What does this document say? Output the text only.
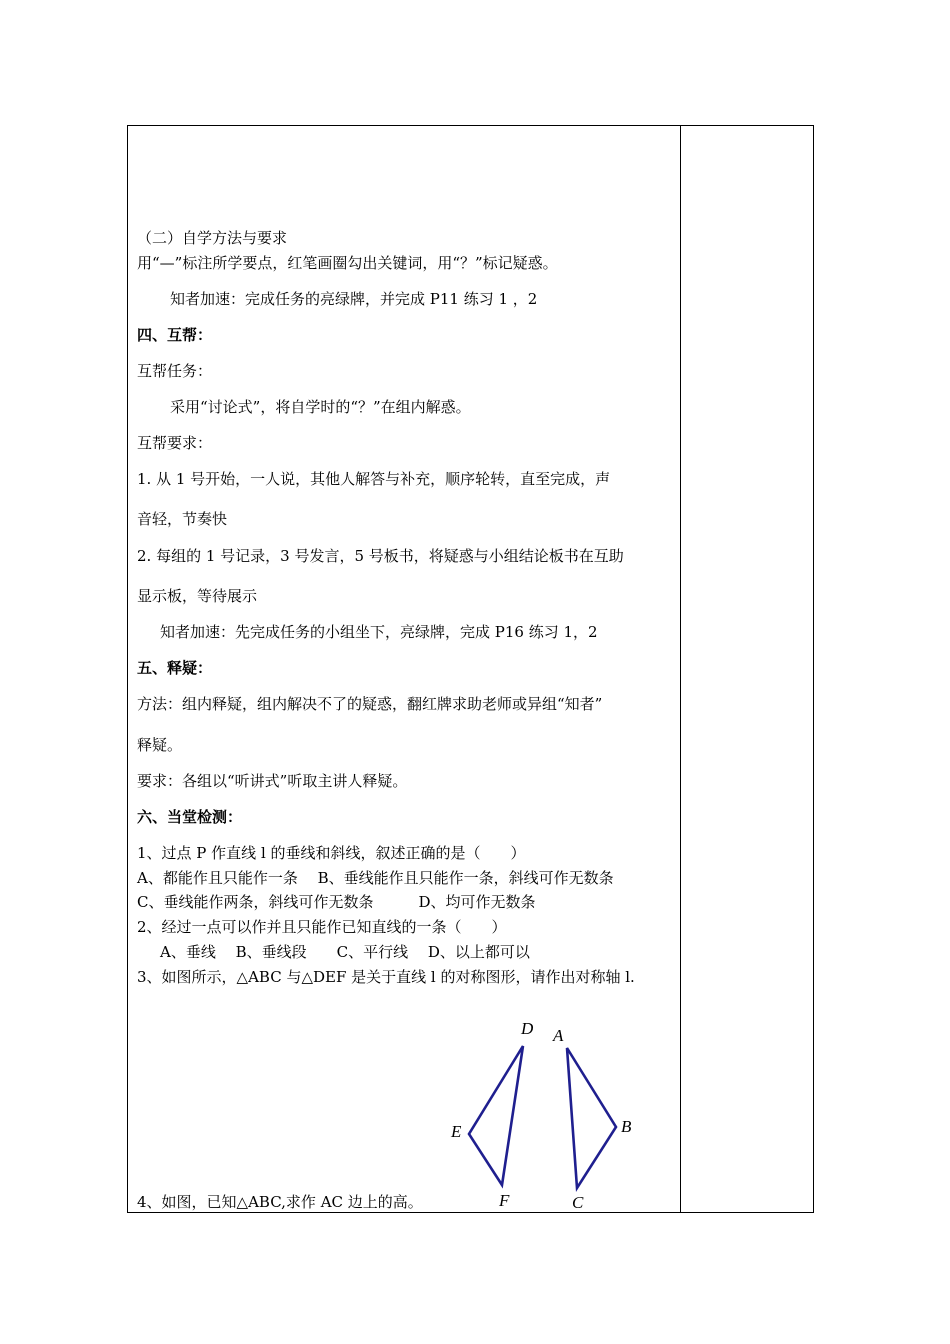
（二）自学方法与要求
用“—”标注所学要点，红笔画圈勾出关键词，用“？”标记疑惑。
知者加速：完成任务的亮绿牌，并完成 P11 练习 1 ，2
四、互帮：
互帮任务：
采用“讨论式”，将自学时的“？”在组内解惑。
互帮要求：
1. 从 1 号开始，一人说，其他人解答与补充，顺序轮转，直至完成，声
音轻，节奏快
2. 每组的 1 号记录，3 号发言，5 号板书，将疑惑与小组结论板书在互助
显示板，等待展示
知者加速：先完成任务的小组坐下，亮绿牌，完成 P16 练习 1，2
五、释疑：
方法：组内释疑，组内解决不了的疑惑，翻红牌求助老师或异组“知者”
释疑。
要求：各组以“听讲式”听取主讲人释疑。
六、当堂检测：
1、过点 P 作直线 l 的垂线和斜线，叙述正确的是（　　）
A、都能作且只能作一条　 B、垂线能作且只能作一条，斜线可作无数条
C、垂线能作两条，斜线可作无数条　　　D、均可作无数条
2、经过一点可以作并且只能作已知直线的一条（　　）
A、垂线　 B、垂线段　　C、平行线　 D、以上都可以
3、如图所示，△ABC 与△DEF 是关于直线 l 的对称图形，请作出对称轴 l.
D
E
F
A
B
C
4、如图，已知△ABC,求作 AC 边上的高。
